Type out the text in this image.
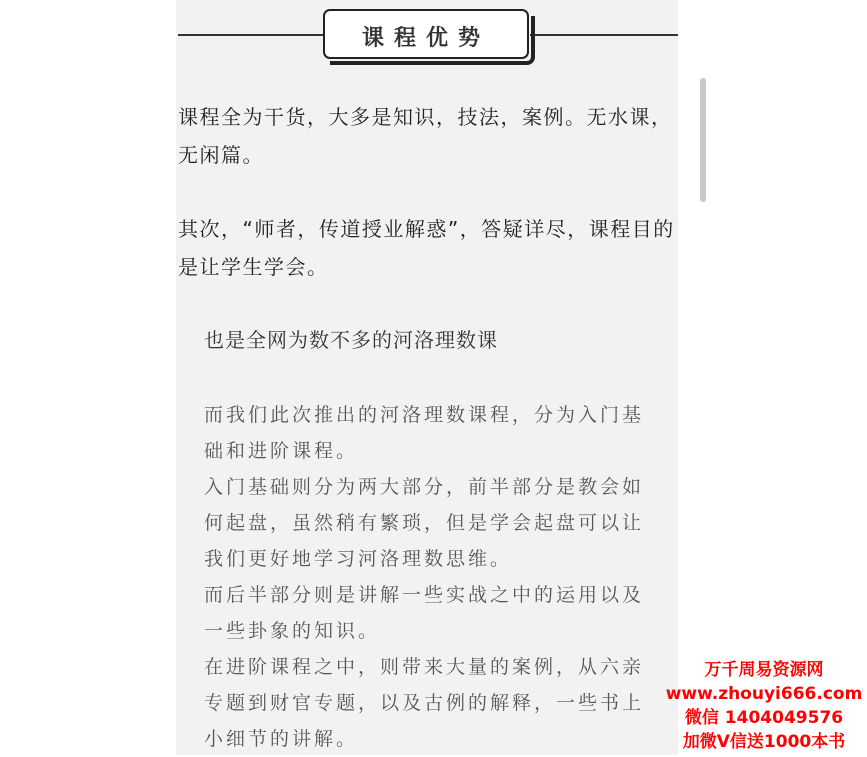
课程优势

课程全为干货，大多是知识，技法，案例。无水课，无闲篇。

其次，“师者，传道授业解惑”，答疑详尽，课程目的是让学生学会。

也是全网为数不多的河洛理数课

而我们此次推出的河洛理数课程，分为入门基础和进阶课程。

入门基础则分为两大部分，前半部分是教会如何起盘，虽然稍有繁琐，但是学会起盘可以让我们更好地学习河洛理数思维。

而后半部分则是讲解一些实战之中的运用以及一些卦象的知识。

在进阶课程之中，则带来大量的案例，从六亲专题到财官专题，以及古例的解释，一些书上小细节的讲解。

万千周易资源网
www.zhouyi666.com
微信 1404049576
加微V信送1000本书
